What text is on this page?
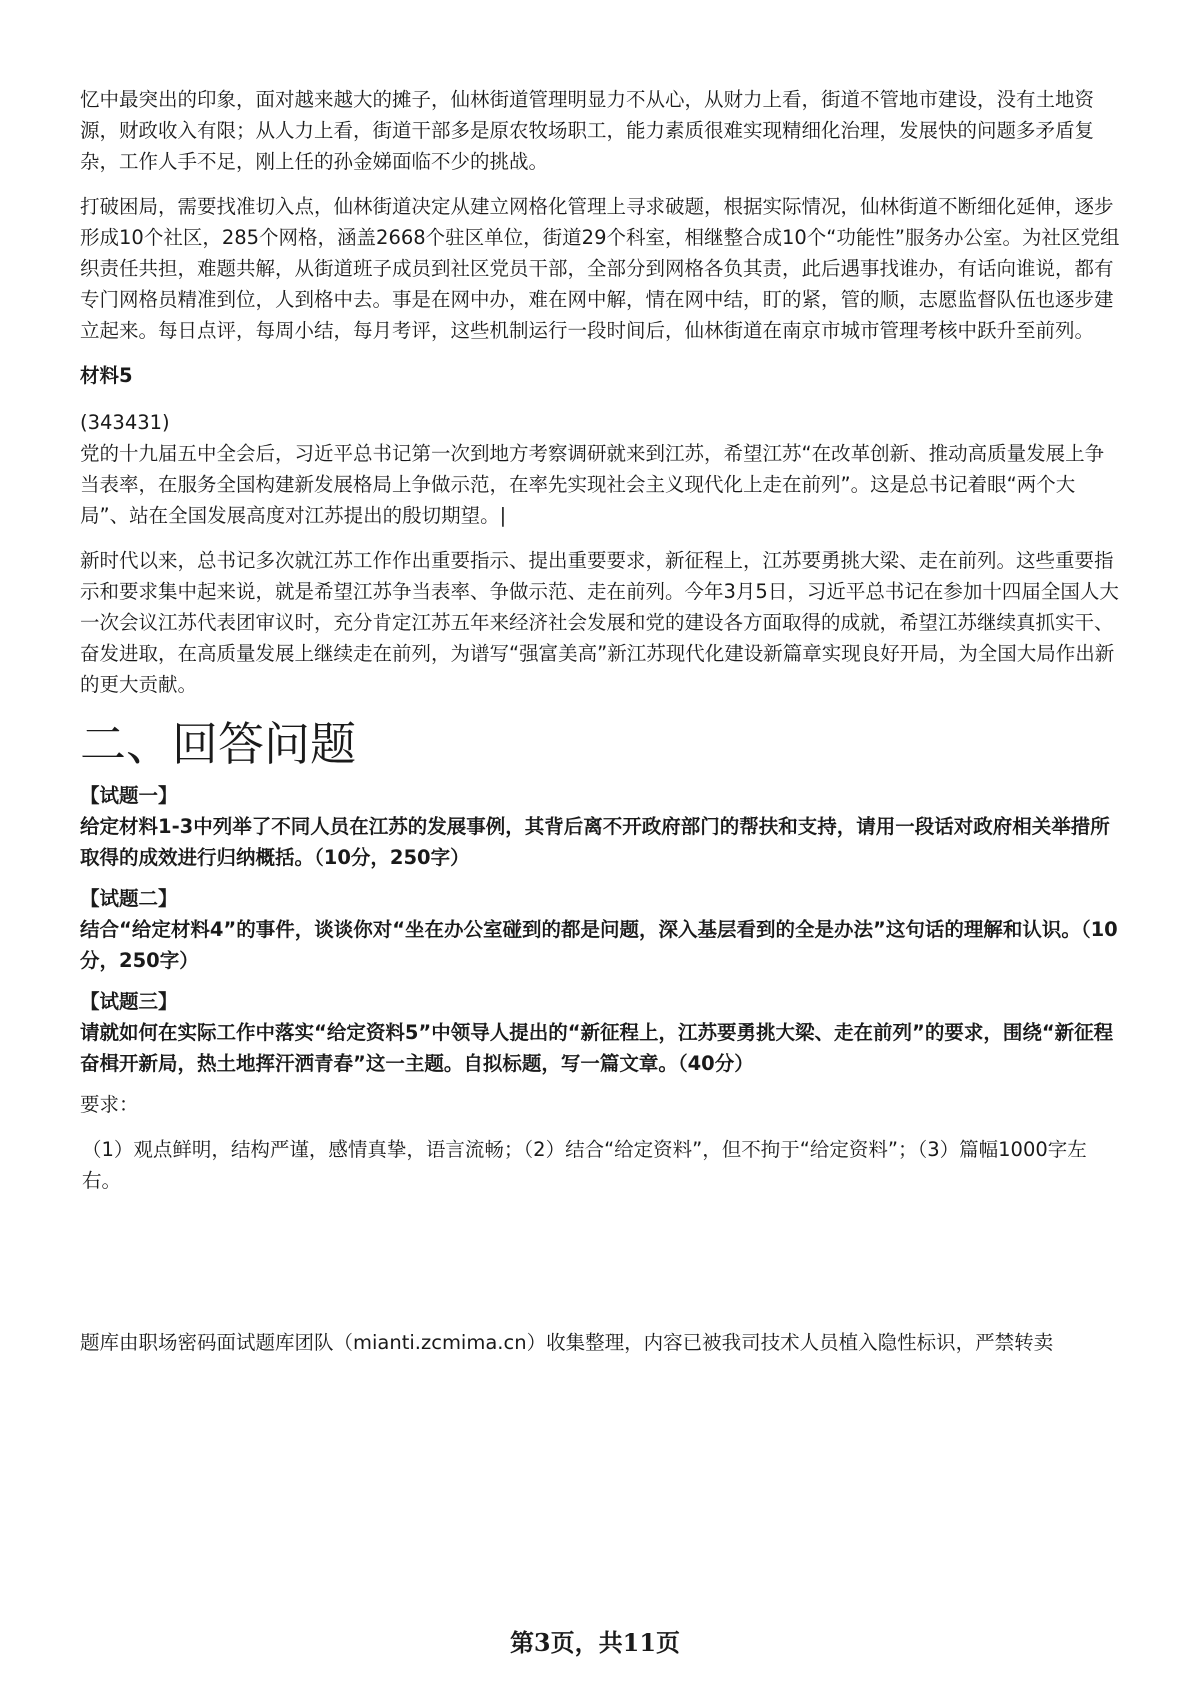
忆中最突出的印象，面对越来越大的摊子，仙林街道管理明显力不从心，从财力上看，街道不管地市建设，没有土地资源，财政收入有限；从人力上看，街道干部多是原农牧场职工，能力素质很难实现精细化治理，发展快的问题多矛盾复杂，工作人手不足，刚上任的孙金娣面临不少的挑战。

打破困局，需要找准切入点，仙林街道决定从建立网格化管理上寻求破题，根据实际情况，仙林街道不断细化延伸，逐步形成10个社区，285个网格，涵盖2668个驻区单位，街道29个科室，相继整合成10个“功能性”服务办公室。为社区党组织责任共担，难题共解，从街道班子成员到社区党员干部，全部分到网格各负其责，此后遇事找谁办，有话向谁说，都有专门网格员精准到位，人到格中去。事是在网中办，难在网中解，情在网中结，盯的紧，管的顺，志愿监督队伍也逐步建立起来。每日点评，每周小结，每月考评，这些机制运行一段时间后，仙林街道在南京市城市管理考核中跃升至前列。

材料5

(343431)

党的十九届五中全会后，习近平总书记第一次到地方考察调研就来到江苏，希望江苏“在改革创新、推动高质量发展上争当表率，在服务全国构建新发展格局上争做示范，在率先实现社会主义现代化上走在前列”。这是总书记着眼“两个大局”、站在全国发展高度对江苏提出的殷切期望。|

新时代以来，总书记多次就江苏工作作出重要指示、提出重要要求，新征程上，江苏要勇挑大梁、走在前列。这些重要指示和要求集中起来说，就是希望江苏争当表率、争做示范、走在前列。今年3月5日，习近平总书记在参加十四届全国人大一次会议江苏代表团审议时，充分肯定江苏五年来经济社会发展和党的建设各方面取得的成就，希望江苏继续真抓实干、奋发进取，在高质量发展上继续走在前列，为谱写“强富美高”新江苏现代化建设新篇章实现良好开局，为全国大局作出新的更大贡献。

二、回答问题

【试题一】

给定材料1-3中列举了不同人员在江苏的发展事例，其背后离不开政府部门的帮扶和支持，请用一段话对政府相关举措所取得的成效进行归纳概括。（10分，250字）

【试题二】

结合“给定材料4”的事件，谈谈你对“坐在办公室碰到的都是问题，深入基层看到的全是办法”这句话的理解和认识。（10分，250字）

【试题三】

请就如何在实际工作中落实“给定资料5”中领导人提出的“新征程上，江苏要勇挑大梁、走在前列”的要求，围绕“新征程奋楫开新局，热土地挥汗洒青春”这一主题。自拟标题，写一篇文章。（40分）

要求：

（1）观点鲜明，结构严谨，感情真挚，语言流畅；（2）结合“给定资料”，但不拘于“给定资料”；（3）篇幅1000字左右。

题库由职场密码面试题库团队（mianti.zcmima.cn）收集整理，内容已被我司技术人员植入隐性标识，严禁转卖
第3页，共11页
